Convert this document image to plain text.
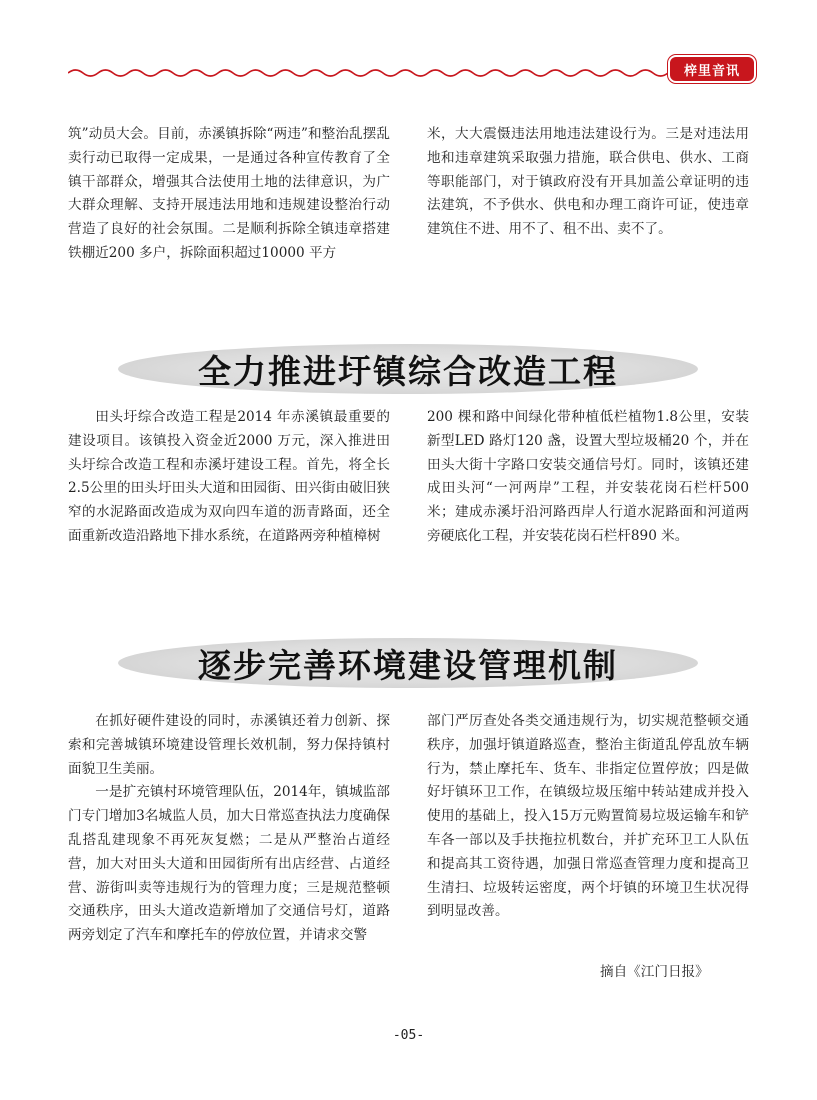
梓里音讯

筑”动员大会。目前，赤溪镇拆除“两违”和整治乱摆乱卖行动已取得一定成果，一是通过各种宣传教育了全镇干部群众，增强其合法使用土地的法律意识，为广大群众理解、支持开展违法用地和违规建设整治行动营造了良好的社会氛围。二是顺利拆除全镇违章搭建铁棚近200 多户，拆除面积超过10000 平方

米，大大震慑违法用地违法建设行为。三是对违法用地和违章建筑采取强力措施，联合供电、供水、工商等职能部门，对于镇政府没有开具加盖公章证明的违法建筑，不予供水、供电和办理工商许可证，使违章建筑住不进、用不了、租不出、卖不了。

全力推进圩镇综合改造工程

田头圩综合改造工程是2014 年赤溪镇最重要的建设项目。该镇投入资金近2000 万元，深入推进田头圩综合改造工程和赤溪圩建设工程。首先，将全长2.5公里的田头圩田头大道和田园街、田兴街由破旧狭窄的水泥路面改造成为双向四车道的沥青路面，还全面重新改造沿路地下排水系统，在道路两旁种植樟树

200 棵和路中间绿化带种植低栏植物1.8公里，安装新型LED 路灯120 盏，设置大型垃圾桶20 个，并在田头大街十字路口安装交通信号灯。同时，该镇还建成田头河“一河两岸”工程，并安装花岗石栏杆500 米；建成赤溪圩沿河路西岸人行道水泥路面和河道两旁硬底化工程，并安装花岗石栏杆890 米。

逐步完善环境建设管理机制

在抓好硬件建设的同时，赤溪镇还着力创新、探索和完善城镇环境建设管理长效机制，努力保持镇村面貌卫生美丽。

一是扩充镇村环境管理队伍，2014年，镇城监部门专门增加3名城监人员，加大日常巡查执法力度确保乱搭乱建现象不再死灰复燃；二是从严整治占道经营，加大对田头大道和田园街所有出店经营、占道经营、游街叫卖等违规行为的管理力度；三是规范整顿交通秩序，田头大道改造新增加了交通信号灯，道路两旁划定了汽车和摩托车的停放位置，并请求交警

部门严厉查处各类交通违规行为，切实规范整顿交通秩序，加强圩镇道路巡查，整治主街道乱停乱放车辆行为，禁止摩托车、货车、非指定位置停放；四是做好圩镇环卫工作，在镇级垃圾压缩中转站建成并投入使用的基础上，投入15万元购置简易垃圾运输车和铲车各一部以及手扶拖拉机数台，并扩充环卫工人队伍和提高其工资待遇，加强日常巡查管理力度和提高卫生清扫、垃圾转运密度，两个圩镇的环境卫生状况得到明显改善。

摘自《江门日报》
-05-
